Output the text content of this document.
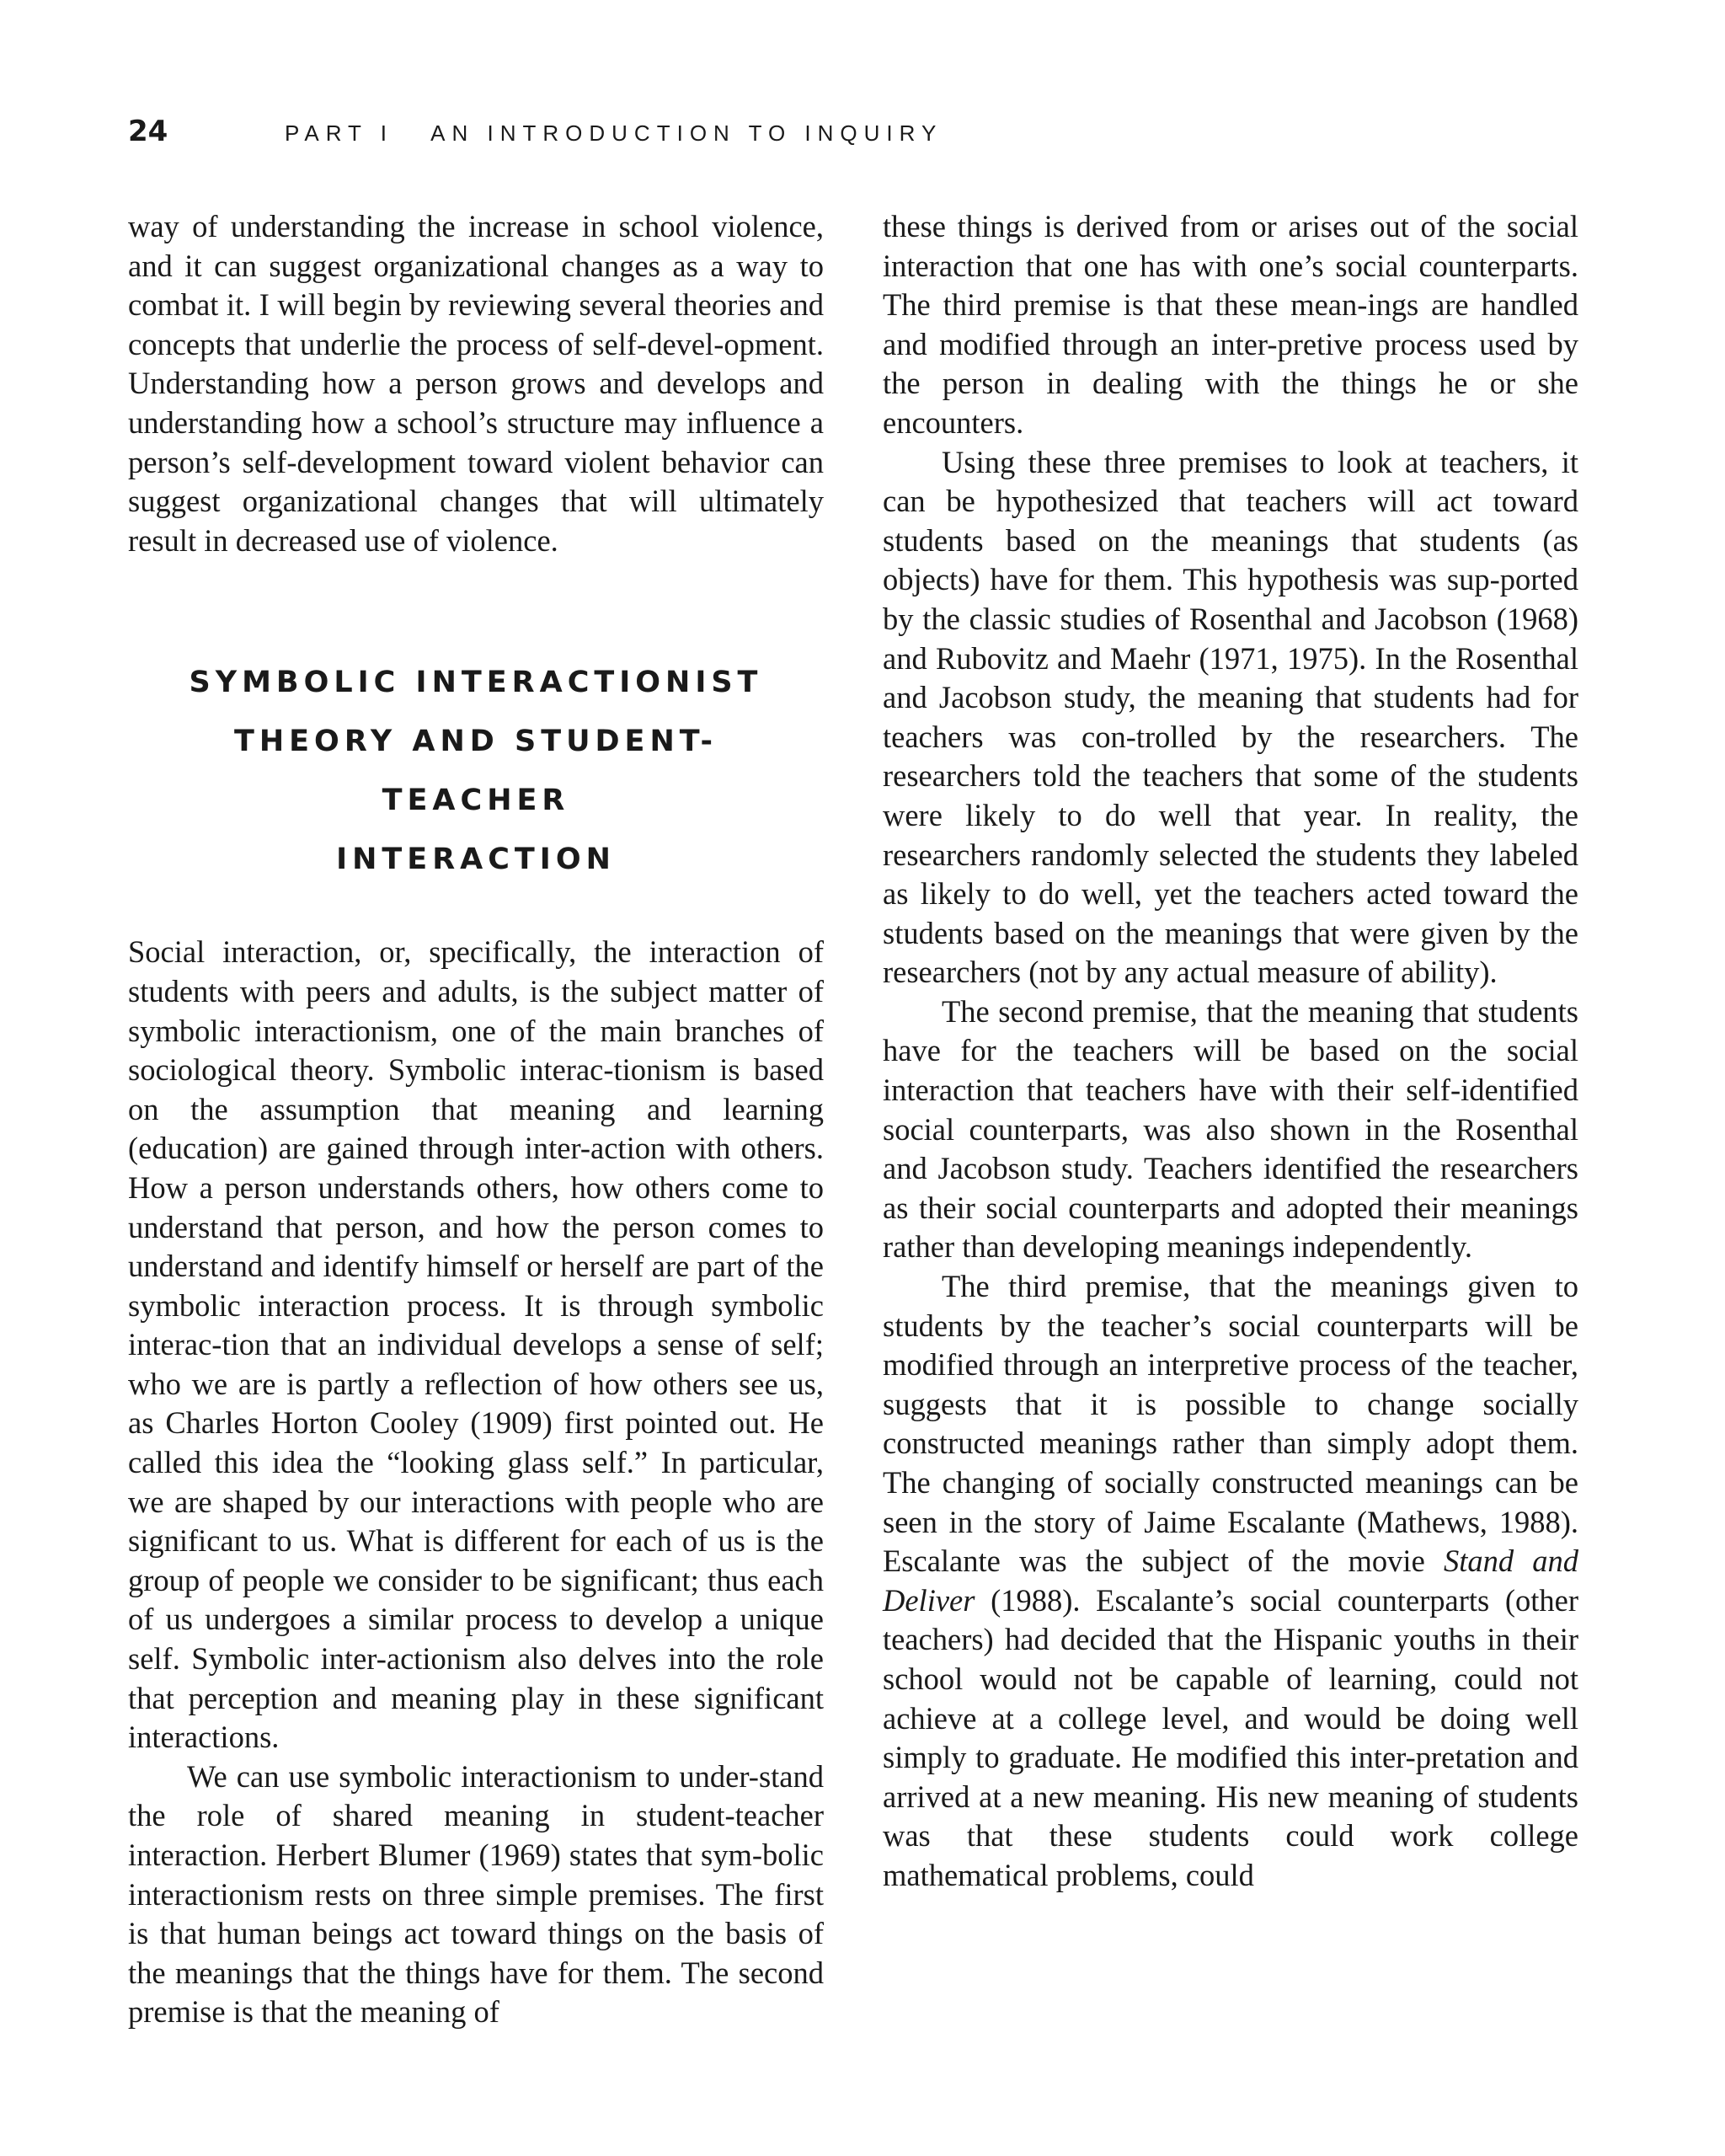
24	PART I   AN INTRODUCTION TO INQUIRY

way of understanding the increase in school violence, and it can suggest organizational changes as a way to combat it. I will begin by reviewing several theories and concepts that underlie the process of self-devel-opment. Understanding how a person grows and develops and understanding how a school’s structure may influence a person’s self-development toward violent behavior can suggest organizational changes that will ultimately result in decreased use of violence.

SYMBOLIC INTERACTIONIST
THEORY AND STUDENT-TEACHER
INTERACTION

Social interaction, or, specifically, the interaction of students with peers and adults, is the subject matter of symbolic interactionism, one of the main branches of sociological theory. Symbolic interac-tionism is based on the assumption that meaning and learning (education) are gained through inter-action with others. How a person understands others, how others come to understand that person, and how the person comes to understand and identify himself or herself are part of the symbolic interaction process. It is through symbolic interac-tion that an individual develops a sense of self; who we are is partly a reflection of how others see us, as Charles Horton Cooley (1909) first pointed out. He called this idea the “looking glass self.” In particular, we are shaped by our interactions with people who are significant to us. What is different for each of us is the group of people we consider to be significant; thus each of us undergoes a similar process to develop a unique self. Symbolic inter-actionism also delves into the role that perception and meaning play in these significant interactions.

We can use symbolic interactionism to under-stand the role of shared meaning in student-teacher interaction. Herbert Blumer (1969) states that sym-bolic interactionism rests on three simple premises. The first is that human beings act toward things on the basis of the meanings that the things have for them. The second premise is that the meaning of

these things is derived from or arises out of the social interaction that one has with one’s social counterparts. The third premise is that these mean-ings are handled and modified through an inter-pretive process used by the person in dealing with the things he or she encounters.

Using these three premises to look at teachers, it can be hypothesized that teachers will act toward students based on the meanings that students (as objects) have for them. This hypothesis was sup-ported by the classic studies of Rosenthal and Jacobson (1968) and Rubovitz and Maehr (1971, 1975). In the Rosenthal and Jacobson study, the meaning that students had for teachers was con-trolled by the researchers. The researchers told the teachers that some of the students were likely to do well that year. In reality, the researchers randomly selected the students they labeled as likely to do well, yet the teachers acted toward the students based on the meanings that were given by the researchers (not by any actual measure of ability).

The second premise, that the meaning that students have for the teachers will be based on the social interaction that teachers have with their self-identified social counterparts, was also shown in the Rosenthal and Jacobson study. Teachers identified the researchers as their social counterparts and adopted their meanings rather than developing meanings independently.

The third premise, that the meanings given to students by the teacher’s social counterparts will be modified through an interpretive process of the teacher, suggests that it is possible to change socially constructed meanings rather than simply adopt them. The changing of socially constructed meanings can be seen in the story of Jaime Escalante (Mathews, 1988). Escalante was the subject of the movie Stand and Deliver (1988). Escalante’s social counterparts (other teachers) had decided that the Hispanic youths in their school would not be capable of learning, could not achieve at a college level, and would be doing well simply to graduate. He modified this inter-pretation and arrived at a new meaning. His new meaning of students was that these students could work college mathematical problems, could
